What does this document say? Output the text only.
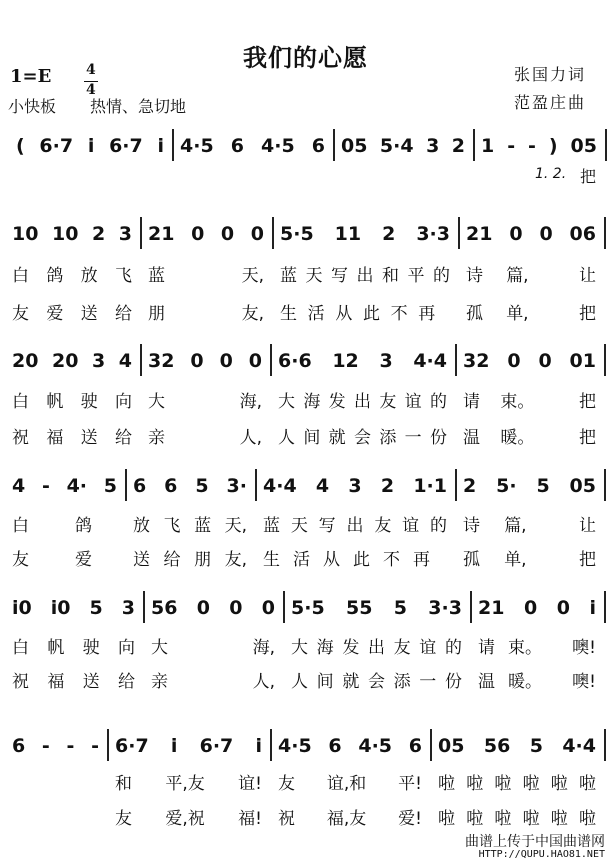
我们的心愿
1=E 4
4
小快板 热情、急切地
张国力词
范盈庄曲
( 6·7 i 6·7 i 4·5 6 4·5 6 05 5·4 3 2 1 - - ) 05
10 10 2 3 21 0 0 0 5·5 11 2 3·3 21 0 0 06
白 鸽 放 飞 蓝	天, 蓝 天 写 出 和 平 的 诗 篇,	让
友 爱 送 给 朋	友, 生 活 从 此 不 再 孤 单,	把
20 20 3 4 32 0 0 0 6·6 12 3 4·4 32 0 0 01
白 帆 驶 向 大	海, 大 海 发 出 友 谊 的 请 束。	把
祝 福 送 给 亲	人, 人 间 就 会 添 一 份 温 暖。	把
4 - 4· 5 6 6 5 3· 4·4 4 3 2 1·1 2 5· 5 05
白	鸽 放 飞 蓝 天, 蓝 天 写 出 友 谊 的 诗 篇,	让
友	爱 送 给 朋 友, 生 活 从 此 不 再 孤 单,	把
i0 i0 5 3 56 0 0 0 5·5 55 5 3·3 21 0 0 i
白 帆 驶 向 大	海, 大 海 发 出 友 谊 的 请 束。 噢!
祝 福 送 给 亲	人, 人 间 就 会 添 一 份 温 暖。 噢!
6 - - - 6·7 i 6·7 i 4·5 6 4·5 6 05 56 5 4·4
和 平,友 谊! 友 谊,和 平! 啦 啦 啦 啦 啦 啦
友 爱,祝 福! 祝 福,友 爱! 啦 啦 啦 啦 啦 啦
1. 2. 把
曲谱上传于中国曲谱网
HTTP://QUPU.HAO81.NET
